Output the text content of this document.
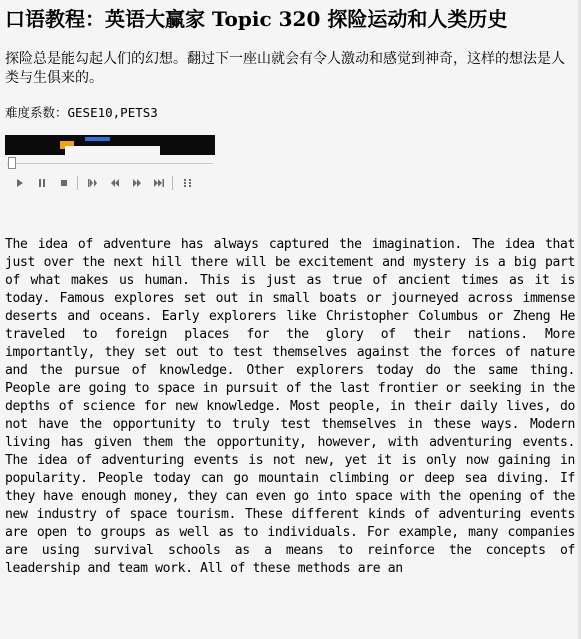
口语教程：英语大赢家 Topic 320 探险运动和人类历史
探险总是能勾起人们的幻想。翻过下一座山就会有令人激动和感觉到神奇，这样的想法是人类与生俱来的。
难度系数：GESE10,PETS3
The idea of adventure has always captured the imagination. The idea that just over the next hill there will be excitement and mystery is a big part of what makes us human. This is just as true of ancient times as it is today. Famous explores set out in small boats or journeyed across immense deserts and oceans. Early explorers like Christopher Columbus or Zheng He traveled to foreign places for the glory of their nations. More importantly, they set out to test themselves against the forces of nature and the pursue of knowledge. Other explorers today do the same thing. People are going to space in pursuit of the last frontier or seeking in the depths of science for new knowledge. Most people, in their daily lives, do not have the opportunity to truly test themselves in these ways. Modern living has given them the opportunity, however, with adventuring events. The idea of adventuring events is not new, yet it is only now gaining in popularity. People today can go mountain climbing or deep sea diving. If they have enough money, they can even go into space with the opening of the new industry of space tourism. These different kinds of adventuring events are open to groups as well as to individuals. For example, many companies are using survival schools as a means to reinforce the concepts of leadership and team work. All of these methods are an
